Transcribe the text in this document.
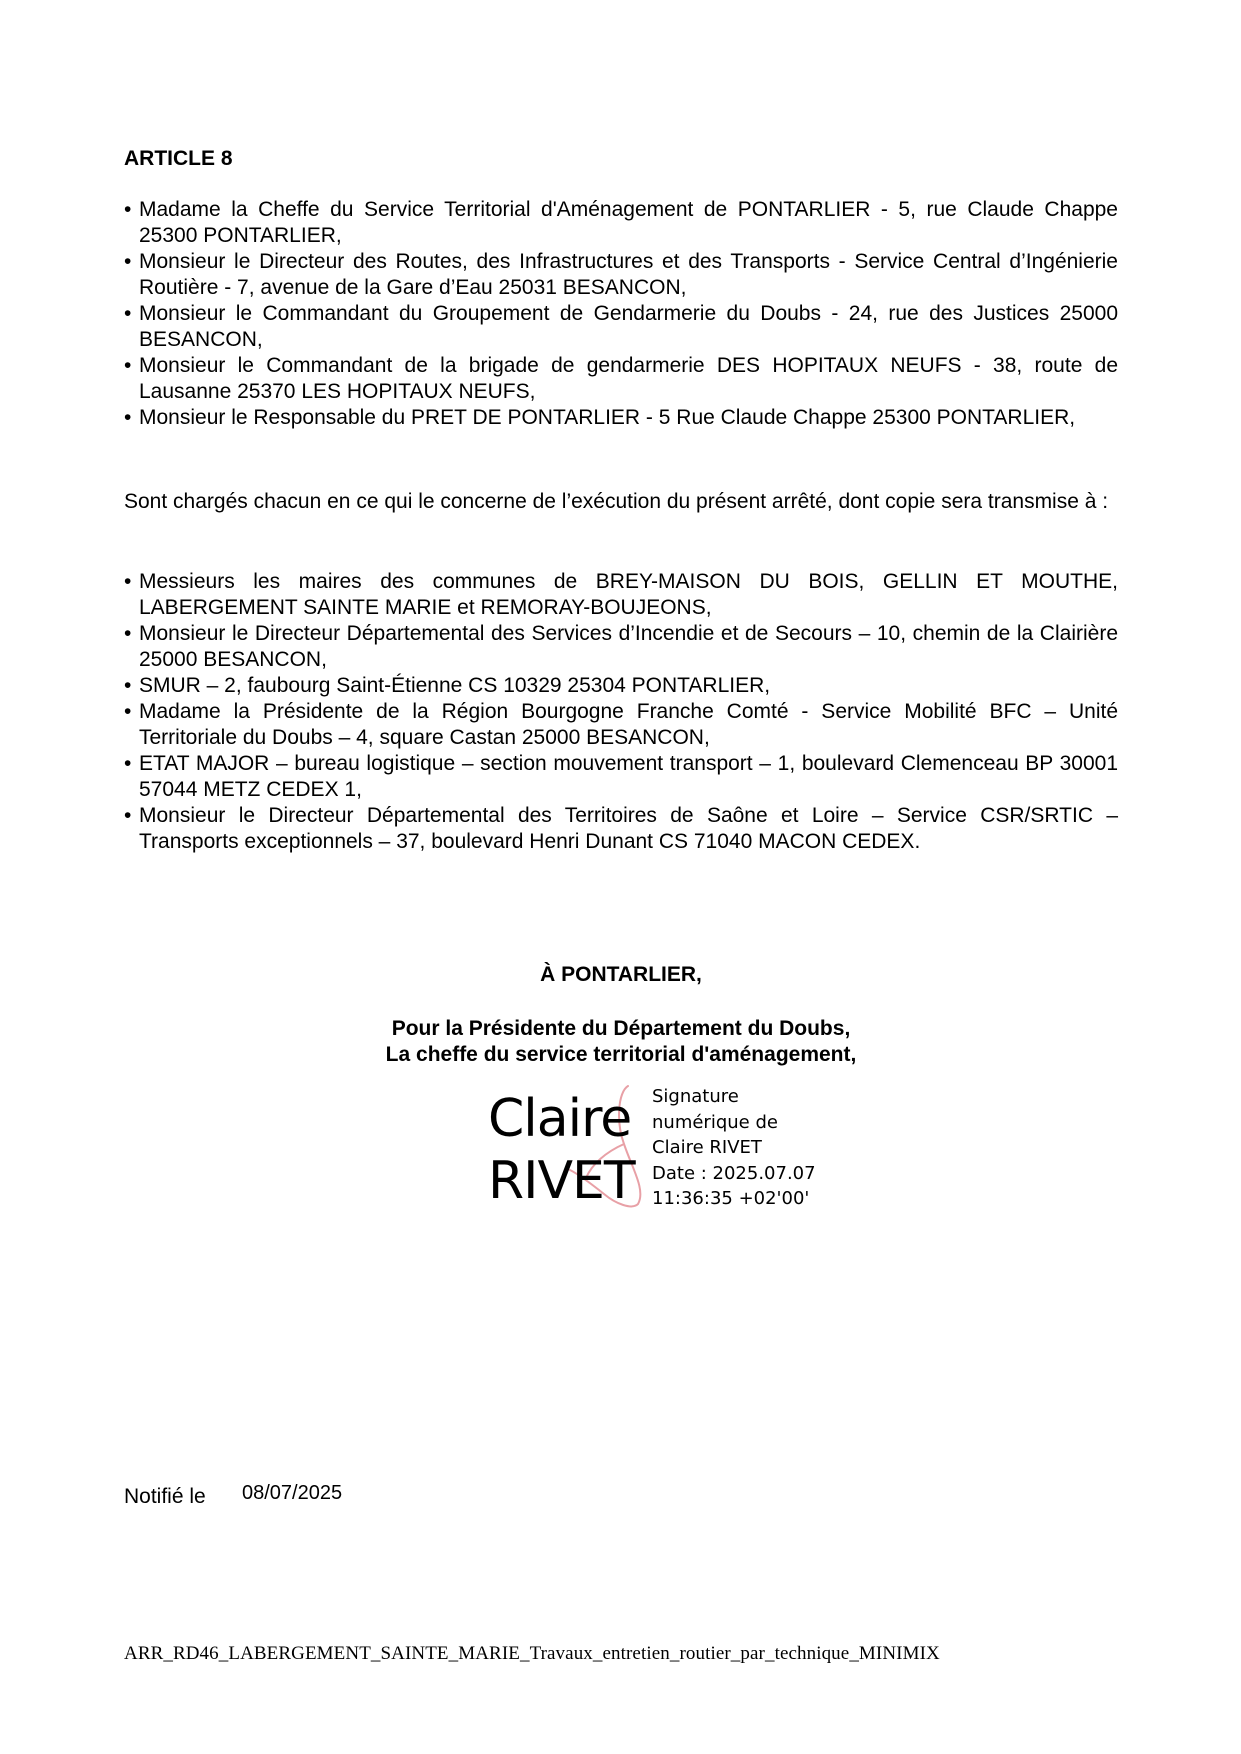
ARTICLE 8
• Madame la Cheffe du Service Territorial d'Aménagement de PONTARLIER - 5, rue Claude Chappe 25300 PONTARLIER,
• Monsieur le Directeur des Routes, des Infrastructures et des Transports - Service Central d’Ingénierie Routière - 7, avenue de la Gare d’Eau 25031 BESANCON,
• Monsieur le Commandant du Groupement de Gendarmerie du Doubs - 24, rue des Justices 25000 BESANCON,
• Monsieur le Commandant de la brigade de gendarmerie DES HOPITAUX NEUFS - 38, route de Lausanne 25370 LES HOPITAUX NEUFS,
• Monsieur le Responsable du PRET DE PONTARLIER - 5 Rue Claude Chappe 25300 PONTARLIER,
Sont chargés chacun en ce qui le concerne de l’exécution du présent arrêté, dont copie sera transmise à :
• Messieurs les maires des communes de BREY-MAISON DU BOIS, GELLIN ET MOUTHE, LABERGEMENT SAINTE MARIE et REMORAY-BOUJEONS,
• Monsieur le Directeur Départemental des Services d’Incendie et de Secours – 10, chemin de la Clairière 25000 BESANCON,
• SMUR – 2, faubourg Saint-Étienne CS 10329 25304 PONTARLIER,
• Madame la Présidente de la Région Bourgogne Franche Comté - Service Mobilité BFC – Unité Territoriale du Doubs – 4, square Castan 25000 BESANCON,
• ETAT MAJOR – bureau logistique – section mouvement transport – 1, boulevard Clemenceau BP 30001 57044 METZ CEDEX 1,
• Monsieur le Directeur Départemental des Territoires de Saône et Loire – Service CSR/SRTIC – Transports exceptionnels – 37, boulevard Henri Dunant CS 71040 MACON CEDEX.
À PONTARLIER,
Pour la Présidente du Département du Doubs,
La cheffe du service territorial d'aménagement,
Claire
RIVET
Signature
numérique de
Claire RIVET
Date : 2025.07.07
11:36:35 +02'00'
Notifié le 08/07/2025
ARR_RD46_LABERGEMENT_SAINTE_MARIE_Travaux_entretien_routier_par_technique_MINIMIX
